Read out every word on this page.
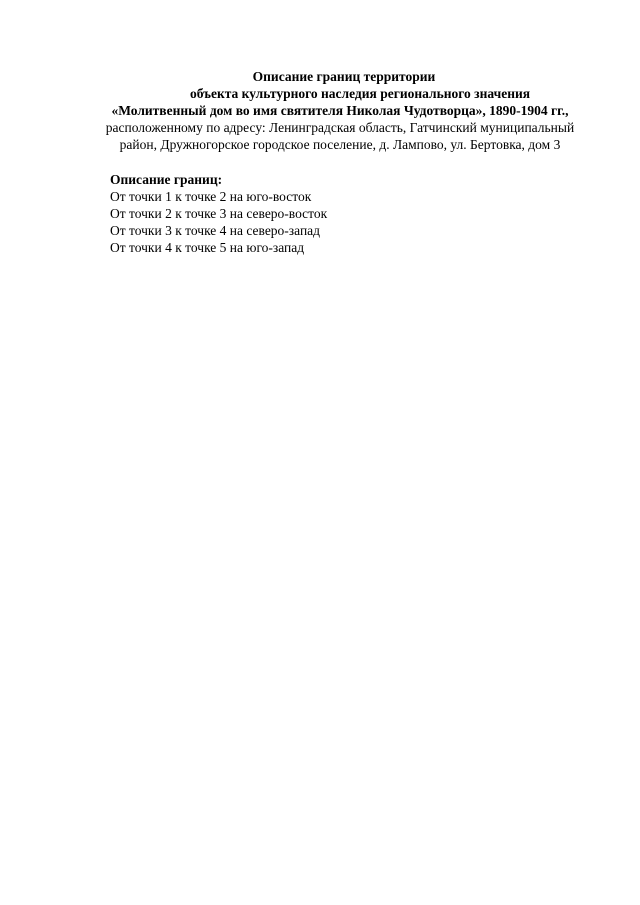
Описание границ территории
объекта культурного наследия регионального значения
«Молитвенный дом во имя святителя Николая Чудотворца», 1890-1904 гг.,
расположенному по адресу: Ленинградская область, Гатчинский муниципальный
район, Дружногорское городское поселение, д. Лампово, ул. Бертовка, дом 3
Описание границ:
От точки 1 к точке 2 на юго-восток
От точки 2 к точке 3 на северо-восток
От точки 3 к точке 4 на северо-запад
От точки 4 к точке 5 на юго-запад
